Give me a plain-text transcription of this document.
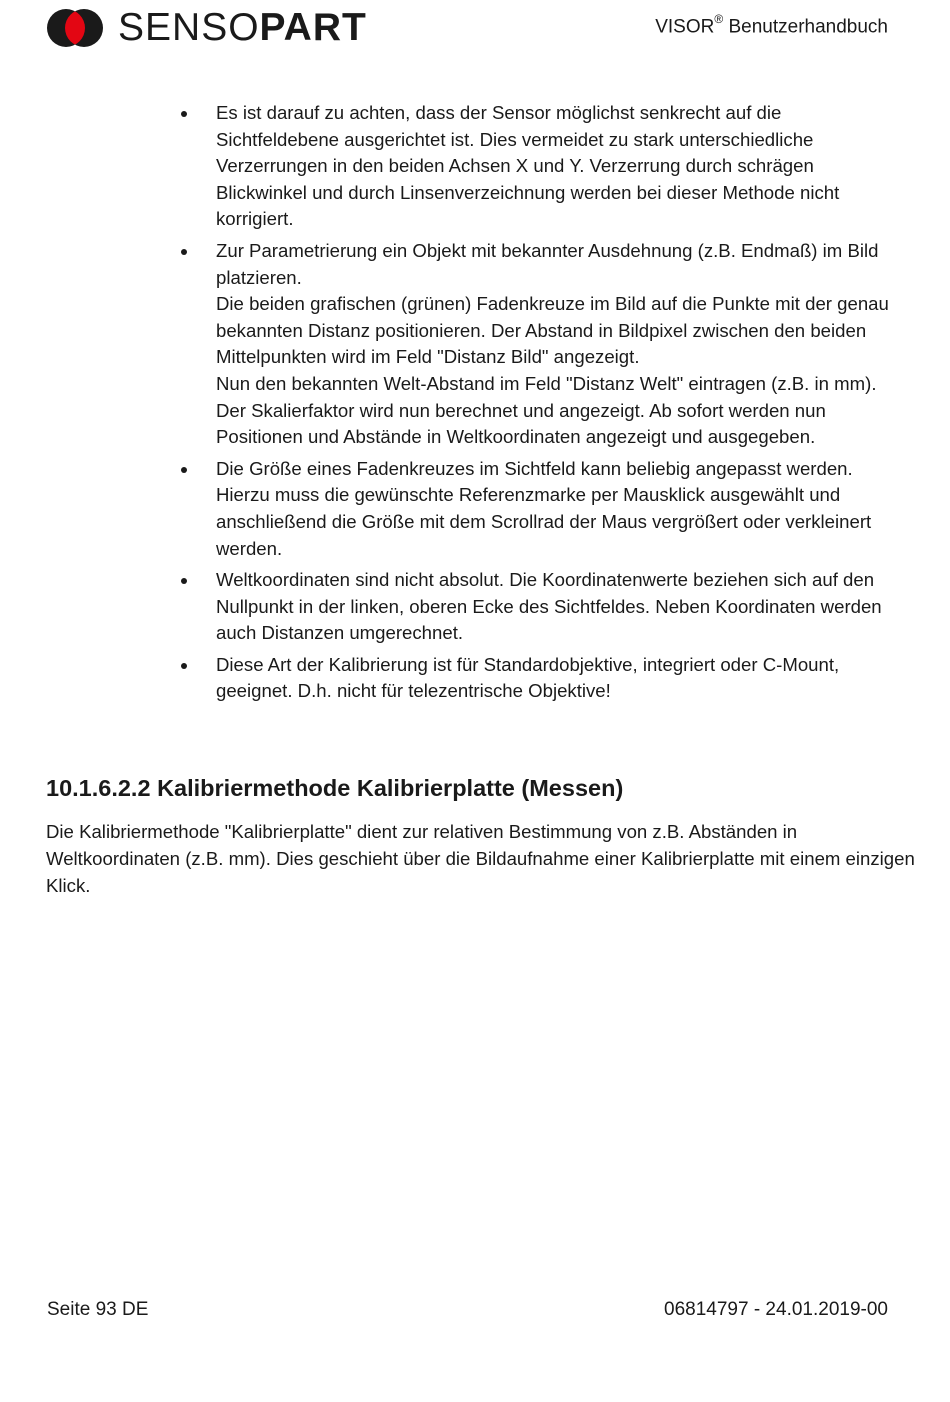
SENSOPART	VISOR® Benutzerhandbuch

Es ist darauf zu achten, dass der Sensor möglichst senkrecht auf die Sichtfeldebene ausgerichtet ist. Dies vermeidet zu stark unterschiedliche Verzerrungen in den beiden Achsen X und Y. Verzerrung durch schrägen Blickwinkel und durch Linsenverzeichnung werden bei dieser Methode nicht korrigiert.

Zur Parametrierung ein Objekt mit bekannter Ausdehnung (z.B. Endmaß) im Bild platzieren.

Die beiden grafischen (grünen) Fadenkreuze im Bild auf die Punkte mit der genau bekannten Distanz positionieren. Der Abstand in Bildpixel zwischen den beiden Mittelpunkten wird im Feld "Distanz Bild" angezeigt.

Nun den bekannten Welt-Abstand im Feld "Distanz Welt" eintragen (z.B. in mm).

Der Skalierfaktor wird nun berechnet und angezeigt. Ab sofort werden nun Positionen und Abstände in Weltkoordinaten angezeigt und ausgegeben.

Die Größe eines Fadenkreuzes im Sichtfeld kann beliebig angepasst werden. Hierzu muss die gewünschte Referenzmarke per Mausklick ausgewählt und anschließend die Größe mit dem Scrollrad der Maus vergrößert oder verkleinert werden.

Weltkoordinaten sind nicht absolut. Die Koordinatenwerte beziehen sich auf den Nullpunkt in der linken, oberen Ecke des Sichtfeldes. Neben Koordinaten werden auch Distanzen umgerechnet.

Diese Art der Kalibrierung ist für Standardobjektive, integriert oder C-Mount, geeignet. D.h. nicht für telezentrische Objektive!

10.1.6.2.2 Kalibriermethode Kalibrierplatte (Messen)

Die Kalibriermethode "Kalibrierplatte" dient zur relativen Bestimmung von z.B. Abständen in Weltkoordinaten (z.B. mm). Dies geschieht über die Bildaufnahme einer Kalibrierplatte mit einem einzigen Klick.

Seite 93 DE	06814797 - 24.01.2019-00
